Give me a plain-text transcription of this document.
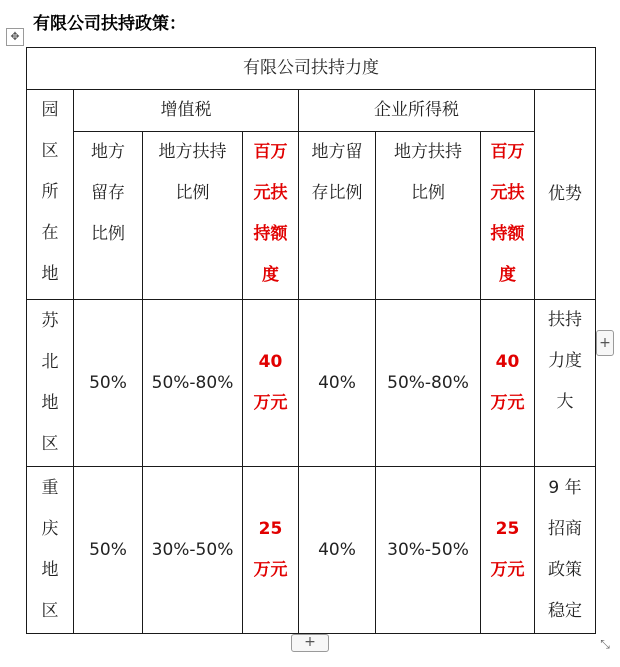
有限公司扶持政策：
✥
有限公司扶持力度							

园
区
所
在
地	增值税			企业所得税			优势

	地方
留存
比例	地方扶持
比例	百万
元扶
持额
度	地方留
存比例	地方扶持
比例	百万
元扶
持额
度	

苏
北
地
区	50%	50%-80%	40
万元	40%	50%-80%	40
万元	扶持
力度
大

重
庆
地
区	50%	30%-50%	25
万元	40%	30%-50%	25
万元	9 年
招商
政策
稳定
+
+	⤡
